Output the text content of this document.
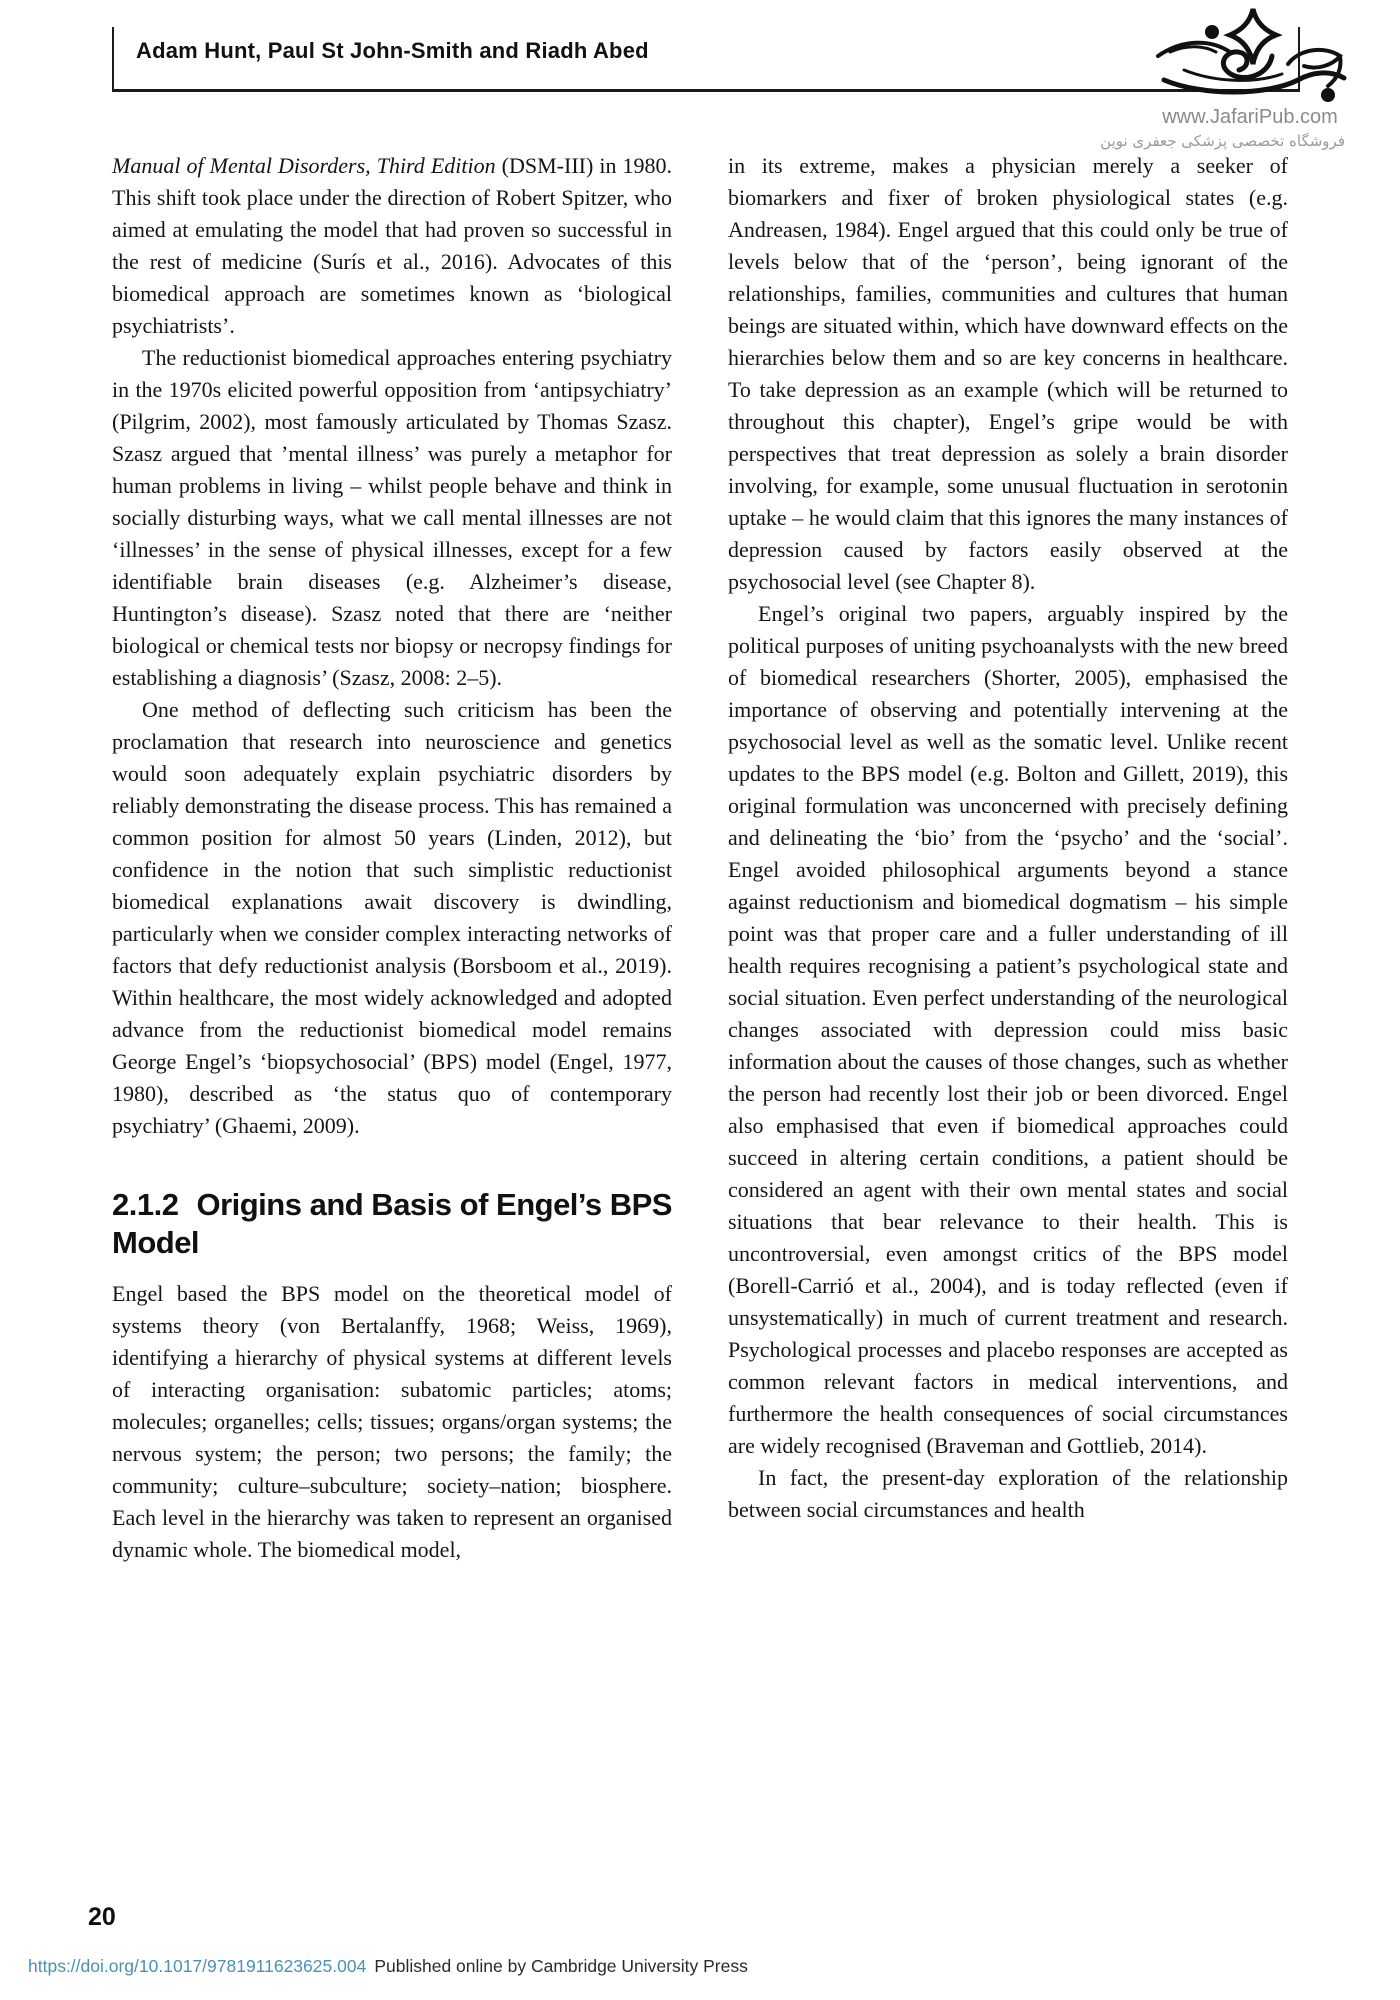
Adam Hunt, Paul St John-Smith and Riadh Abed
www.JafariPub.com
فروشگاه تخصصی پزشکی جعفری نوین

Manual of Mental Disorders, Third Edition (DSM-III) in 1980. This shift took place under the direction of Robert Spitzer, who aimed at emulating the model that had proven so successful in the rest of medicine (Surís et al., 2016). Advocates of this biomedical approach are sometimes known as ‘biological psychiatrists’.

The reductionist biomedical approaches entering psychiatry in the 1970s elicited powerful opposition from ‘antipsychiatry’ (Pilgrim, 2002), most famously articulated by Thomas Szasz. Szasz argued that ’mental illness’ was purely a metaphor for human problems in living – whilst people behave and think in socially disturbing ways, what we call mental illnesses are not ‘illnesses’ in the sense of physical illnesses, except for a few identifiable brain diseases (e.g. Alzheimer’s disease, Huntington’s disease). Szasz noted that there are ‘neither biological or chemical tests nor biopsy or necropsy findings for establishing a diagnosis’ (Szasz, 2008: 2–5).

One method of deflecting such criticism has been the proclamation that research into neuroscience and genetics would soon adequately explain psychiatric disorders by reliably demonstrating the disease process. This has remained a common position for almost 50 years (Linden, 2012), but confidence in the notion that such simplistic reductionist biomedical explanations await discovery is dwindling, particularly when we consider complex interacting networks of factors that defy reductionist analysis (Borsboom et al., 2019). Within healthcare, the most widely acknowledged and adopted advance from the reductionist biomedical model remains George Engel’s ‘biopsychosocial’ (BPS) model (Engel, 1977, 1980), described as ‘the status quo of contemporary psychiatry’ (Ghaemi, 2009).

2.1.2 Origins and Basis of Engel’s BPS Model

Engel based the BPS model on the theoretical model of systems theory (von Bertalanffy, 1968; Weiss, 1969), identifying a hierarchy of physical systems at different levels of interacting organisation: subatomic particles; atoms; molecules; organelles; cells; tissues; organs/organ systems; the nervous system; the person; two persons; the family; the community; culture–subculture; society–nation; biosphere. Each level in the hierarchy was taken to represent an organised dynamic whole. The biomedical model,

in its extreme, makes a physician merely a seeker of biomarkers and fixer of broken physiological states (e.g. Andreasen, 1984). Engel argued that this could only be true of levels below that of the ‘person’, being ignorant of the relationships, families, communities and cultures that human beings are situated within, which have downward effects on the hierarchies below them and so are key concerns in healthcare. To take depression as an example (which will be returned to throughout this chapter), Engel’s gripe would be with perspectives that treat depression as solely a brain disorder involving, for example, some unusual fluctuation in serotonin uptake – he would claim that this ignores the many instances of depression caused by factors easily observed at the psychosocial level (see Chapter 8).

Engel’s original two papers, arguably inspired by the political purposes of uniting psychoanalysts with the new breed of biomedical researchers (Shorter, 2005), emphasised the importance of observing and potentially intervening at the psychosocial level as well as the somatic level. Unlike recent updates to the BPS model (e.g. Bolton and Gillett, 2019), this original formulation was unconcerned with precisely defining and delineating the ‘bio’ from the ‘psycho’ and the ‘social’. Engel avoided philosophical arguments beyond a stance against reductionism and biomedical dogmatism – his simple point was that proper care and a fuller understanding of ill health requires recognising a patient’s psychological state and social situation. Even perfect understanding of the neurological changes associated with depression could miss basic information about the causes of those changes, such as whether the person had recently lost their job or been divorced. Engel also emphasised that even if biomedical approaches could succeed in altering certain conditions, a patient should be considered an agent with their own mental states and social situations that bear relevance to their health. This is uncontroversial, even amongst critics of the BPS model (Borell-Carrió et al., 2004), and is today reflected (even if unsystematically) in much of current treatment and research. Psychological processes and placebo responses are accepted as common relevant factors in medical interventions, and furthermore the health consequences of social circumstances are widely recognised (Braveman and Gottlieb, 2014).

In fact, the present-day exploration of the relationship between social circumstances and health

20
https://doi.org/10.1017/9781911623625.004 Published online by Cambridge University Press
